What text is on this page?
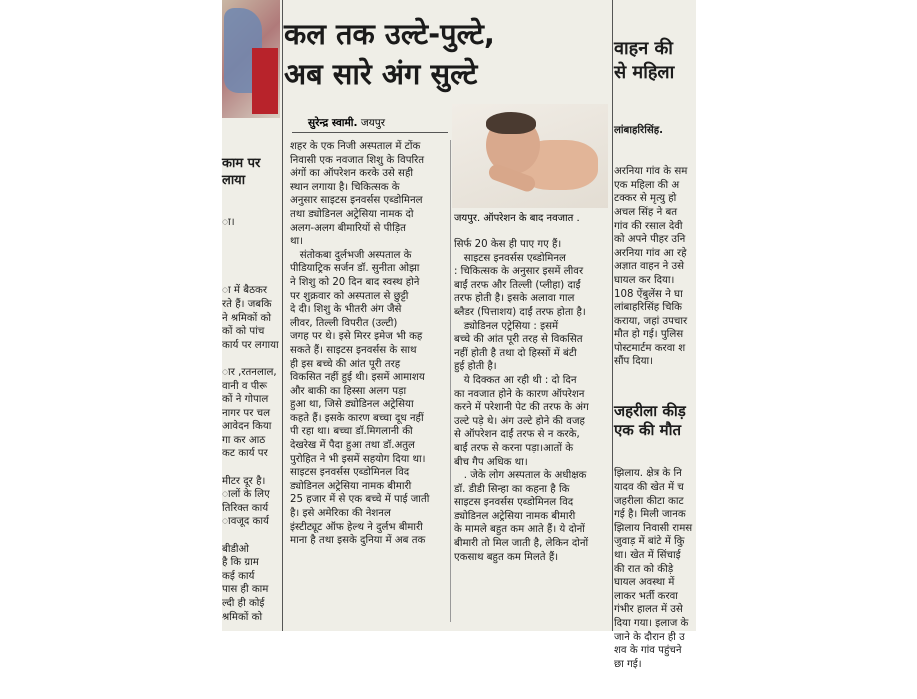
काम पर
लाया

ा।

ा में बैठकर
रते हैं। जबकि
ने श्रमिकों को
कों को पांच
कार्य पर लगाया

ार ,रतनलाल,
वानी व पीरू
कों ने गोपाल
नागर पर चल
आवेदन किया
गा कर आठ
कट कार्य पर

मीटर दूर है।
ालों के लिए
तिरिक्त कार्य
ावजूद कार्य

बीडीओ
है कि ग्राम
कई कार्य
पास ही काम
ल्दी ही कोई
श्रमिकों को

कल तक उल्टे-पुल्टे,
अब सारे अंग सुल्टे
सुरेन्द्र स्वामी. जयपुर
जयपुर. ऑपरेशन के बाद नवजात .
शहर के एक निजी अस्पताल में टोंक
निवासी एक नवजात शिशु के विपरित
अंगों का ऑपरेशन करके उसे सही
स्थान लगाया है। चिकित्सक के
अनुसार साइटस इनवर्सस एब्डोमिनल
तथा ड्योडिनल अट्रेसिया नामक दो
अलग-अलग बीमारियों से पीड़ित
था।
संतोकबा दुर्लभजी अस्पताल के
पीडियाट्रिक सर्जन डॉ. सुनीता ओझा
ने शिशु को 20 दिन बाद स्वस्थ होने
पर शुक्रवार को अस्पताल से छुट्टी
दे दी। शिशु के भीतरी अंग जैसे
लीवर, तिल्ली विपरीत (उल्टी)
जगह पर थे। इसे मिरर इमेज भी कह
सकते हैं। साइटस इनवर्सस के साथ
ही इस बच्चे की आंत पूरी तरह
विकसित नहीं हुई थी। इसमें आमाशय
और बाकी का हिस्सा अलग पड़ा
हुआ था, जिसे ड्योडिनल अट्रेसिया
कहते हैं। इसके कारण बच्चा दूध नहीं
पी रहा था। बच्चा डॉ.मिगलानी की
देखरेख में पैदा हुआ तथा डॉ.अतुल
पुरोहित ने भी इसमें सहयोग दिया था।
साइटस इनवर्सस एब्डोमिनल विद
ड्योडिनल अट्रेसिया नामक बीमारी
25 हजार में से एक बच्चे में पाई जाती
है। इसे अमेरिका की नेशनल
इंस्टीट्यूट ऑफ हेल्थ ने दुर्लभ बीमारी
माना है तथा इसके दुनिया में अब तक
सिर्फ 20 केस ही पाए गए हैं।
साइटस इनवर्सस एब्डोमिनल
: चिकित्सक के अनुसार इसमें लीवर
बाईं तरफ और तिल्ली (प्लीहा) दाईं
तरफ होती है। इसके अलावा गाल
ब्लैडर (पित्ताशय) दाईं तरफ होता है।
ड्योडिनल एट्रेसिया : इसमें
बच्चे की आंत पूरी तरह से विकसित
नहीं होती है तथा दो हिस्सों में बंटी
हुई होती है।
ये दिक्कत आ रही थी : दो दिन
का नवजात होने के कारण ऑपरेशन
करने में परेशानी पेट की तरफ के अंग
उल्टे पड़े थे। अंग उल्टे होने की वजह
से ऑपरेशन दाईं तरफ से न करके,
बाईं तरफ से करना पड़ा।आतों के
बीच गैप अधिक था।
. जेके लोग अस्पताल के अधीक्षक
डॉ. डीडी सिन्हा का कहना है कि
साइटस इनवर्सस एब्डोमिनल विद
ड्योडिनल अट्रेसिया नामक बीमारी
के मामले बहुत कम आते हैं। ये दोनों
बीमारी तो मिल जाती है, लेकिन दोनों
एकसाथ बहुत कम मिलते हैं।

वाहन की
से महिला

लांबाहरिसिंह.

अरनिया गांव के सम
एक महिला की अ
टक्कर से मृत्यु हो
अचल सिंह ने बत
गांव की रसाल देवी
को अपने पीहर उनि
अरनिया गांव आ रहे
अज्ञात वाहन ने उसे
घायल कर दिया।
108 ऐंबुलेंस ने घा
लांबाहरिसिंह चिकि
कराया, जहां उपचार
मौत हो गई। पुलिस
पोस्टमार्टम करवा श
सौंप दिया।

जहरीला कीड़
एक की मौत

झिलाय. क्षेत्र के नि
यादव की खेत में च
जहरीला कीटा काट
गई है। मिली जानक
झिलाय निवासी रामस
जुवाड़ में बांटे में कुि
था। खेत में सिंचाई
की रात को कीड़े
घायल अवस्था में
लाकर भर्ती करवा
गंभीर हालत में उसे
दिया गया। इलाज के
जाने के दौरान ही उ
शव के गांव पहुंचने
छा गई।
